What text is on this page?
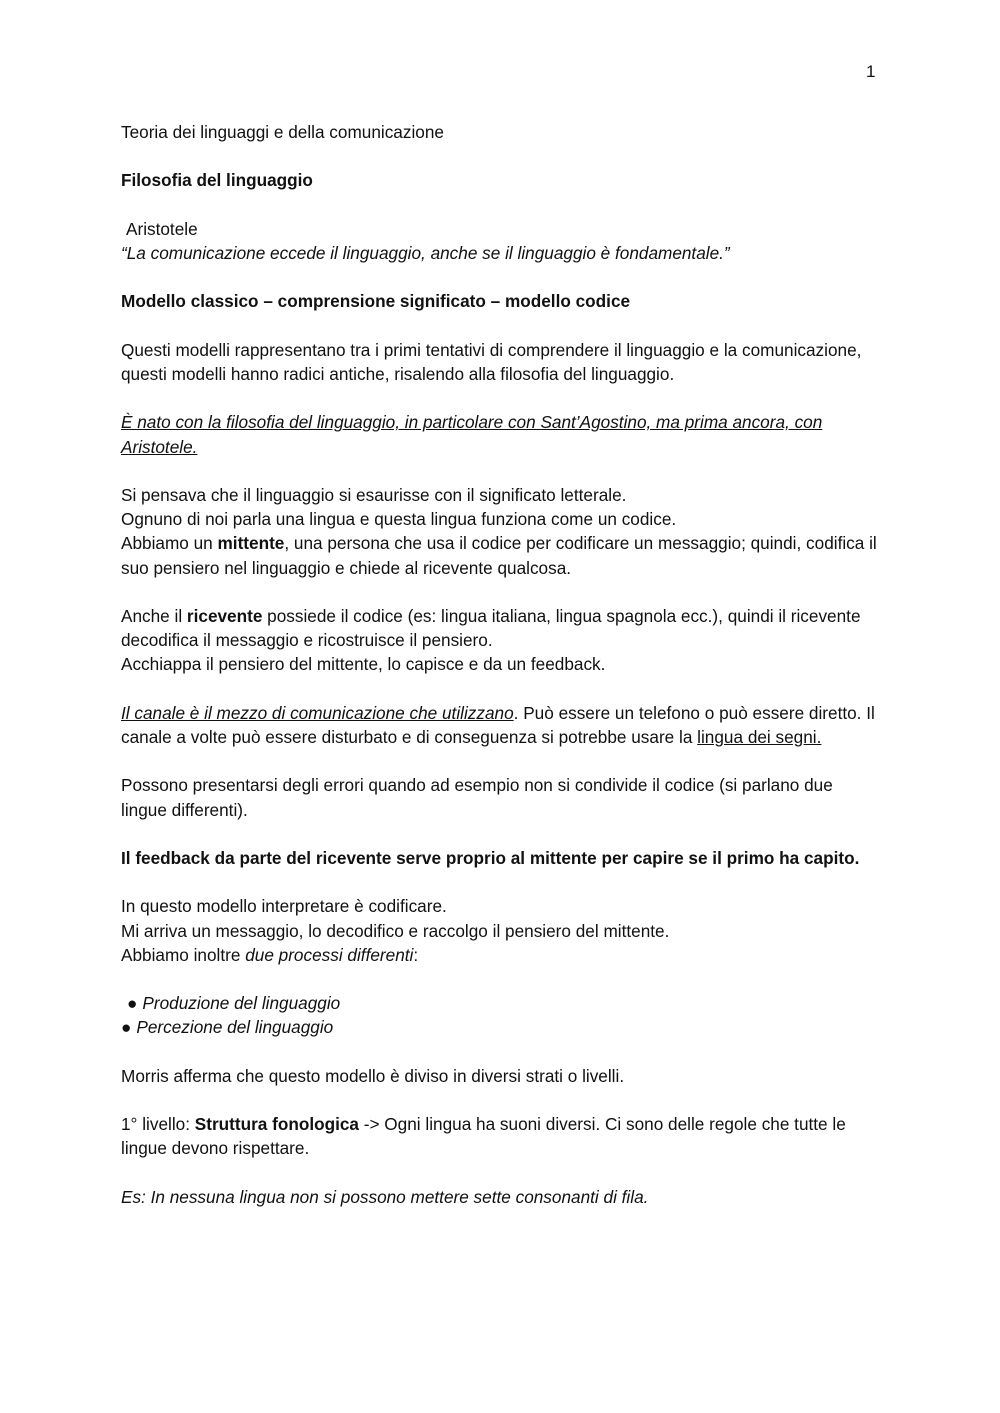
1

Teoria dei linguaggi e della comunicazione

Filosofia del linguaggio

Aristotele

“La comunicazione eccede il linguaggio, anche se il linguaggio è fondamentale.”

Modello classico – comprensione significato – modello codice

Questi modelli rappresentano tra i primi tentativi di comprendere il linguaggio e la comunicazione, questi modelli hanno radici antiche, risalendo alla filosofia del linguaggio.

È nato con la filosofia del linguaggio, in particolare con Sant’Agostino, ma prima ancora, con Aristotele.

Si pensava che il linguaggio si esaurisse con il significato letterale.
Ognuno di noi parla una lingua e questa lingua funziona come un codice.
Abbiamo un mittente, una persona che usa il codice per codificare un messaggio; quindi, codifica il suo pensiero nel linguaggio e chiede al ricevente qualcosa.

Anche il ricevente possiede il codice (es: lingua italiana, lingua spagnola ecc.), quindi il ricevente decodifica il messaggio e ricostruisce il pensiero.
Acchiappa il pensiero del mittente, lo capisce e da un feedback.

Il canale è il mezzo di comunicazione che utilizzano. Può essere un telefono o può essere diretto. Il canale a volte può essere disturbato e di conseguenza si potrebbe usare la lingua dei segni.

Possono presentarsi degli errori quando ad esempio non si condivide il codice (si parlano due lingue differenti).

Il feedback da parte del ricevente serve proprio al mittente per capire se il primo ha capito.

In questo modello interpretare è codificare.
Mi arriva un messaggio, lo decodifico e raccolgo il pensiero del mittente.
Abbiamo inoltre due processi differenti:

● Produzione del linguaggio
● Percezione del linguaggio

Morris afferma che questo modello è diviso in diversi strati o livelli.

1° livello: Struttura fonologica -> Ogni lingua ha suoni diversi. Ci sono delle regole che tutte le lingue devono rispettare.

Es: In nessuna lingua non si possono mettere sette consonanti di fila.
